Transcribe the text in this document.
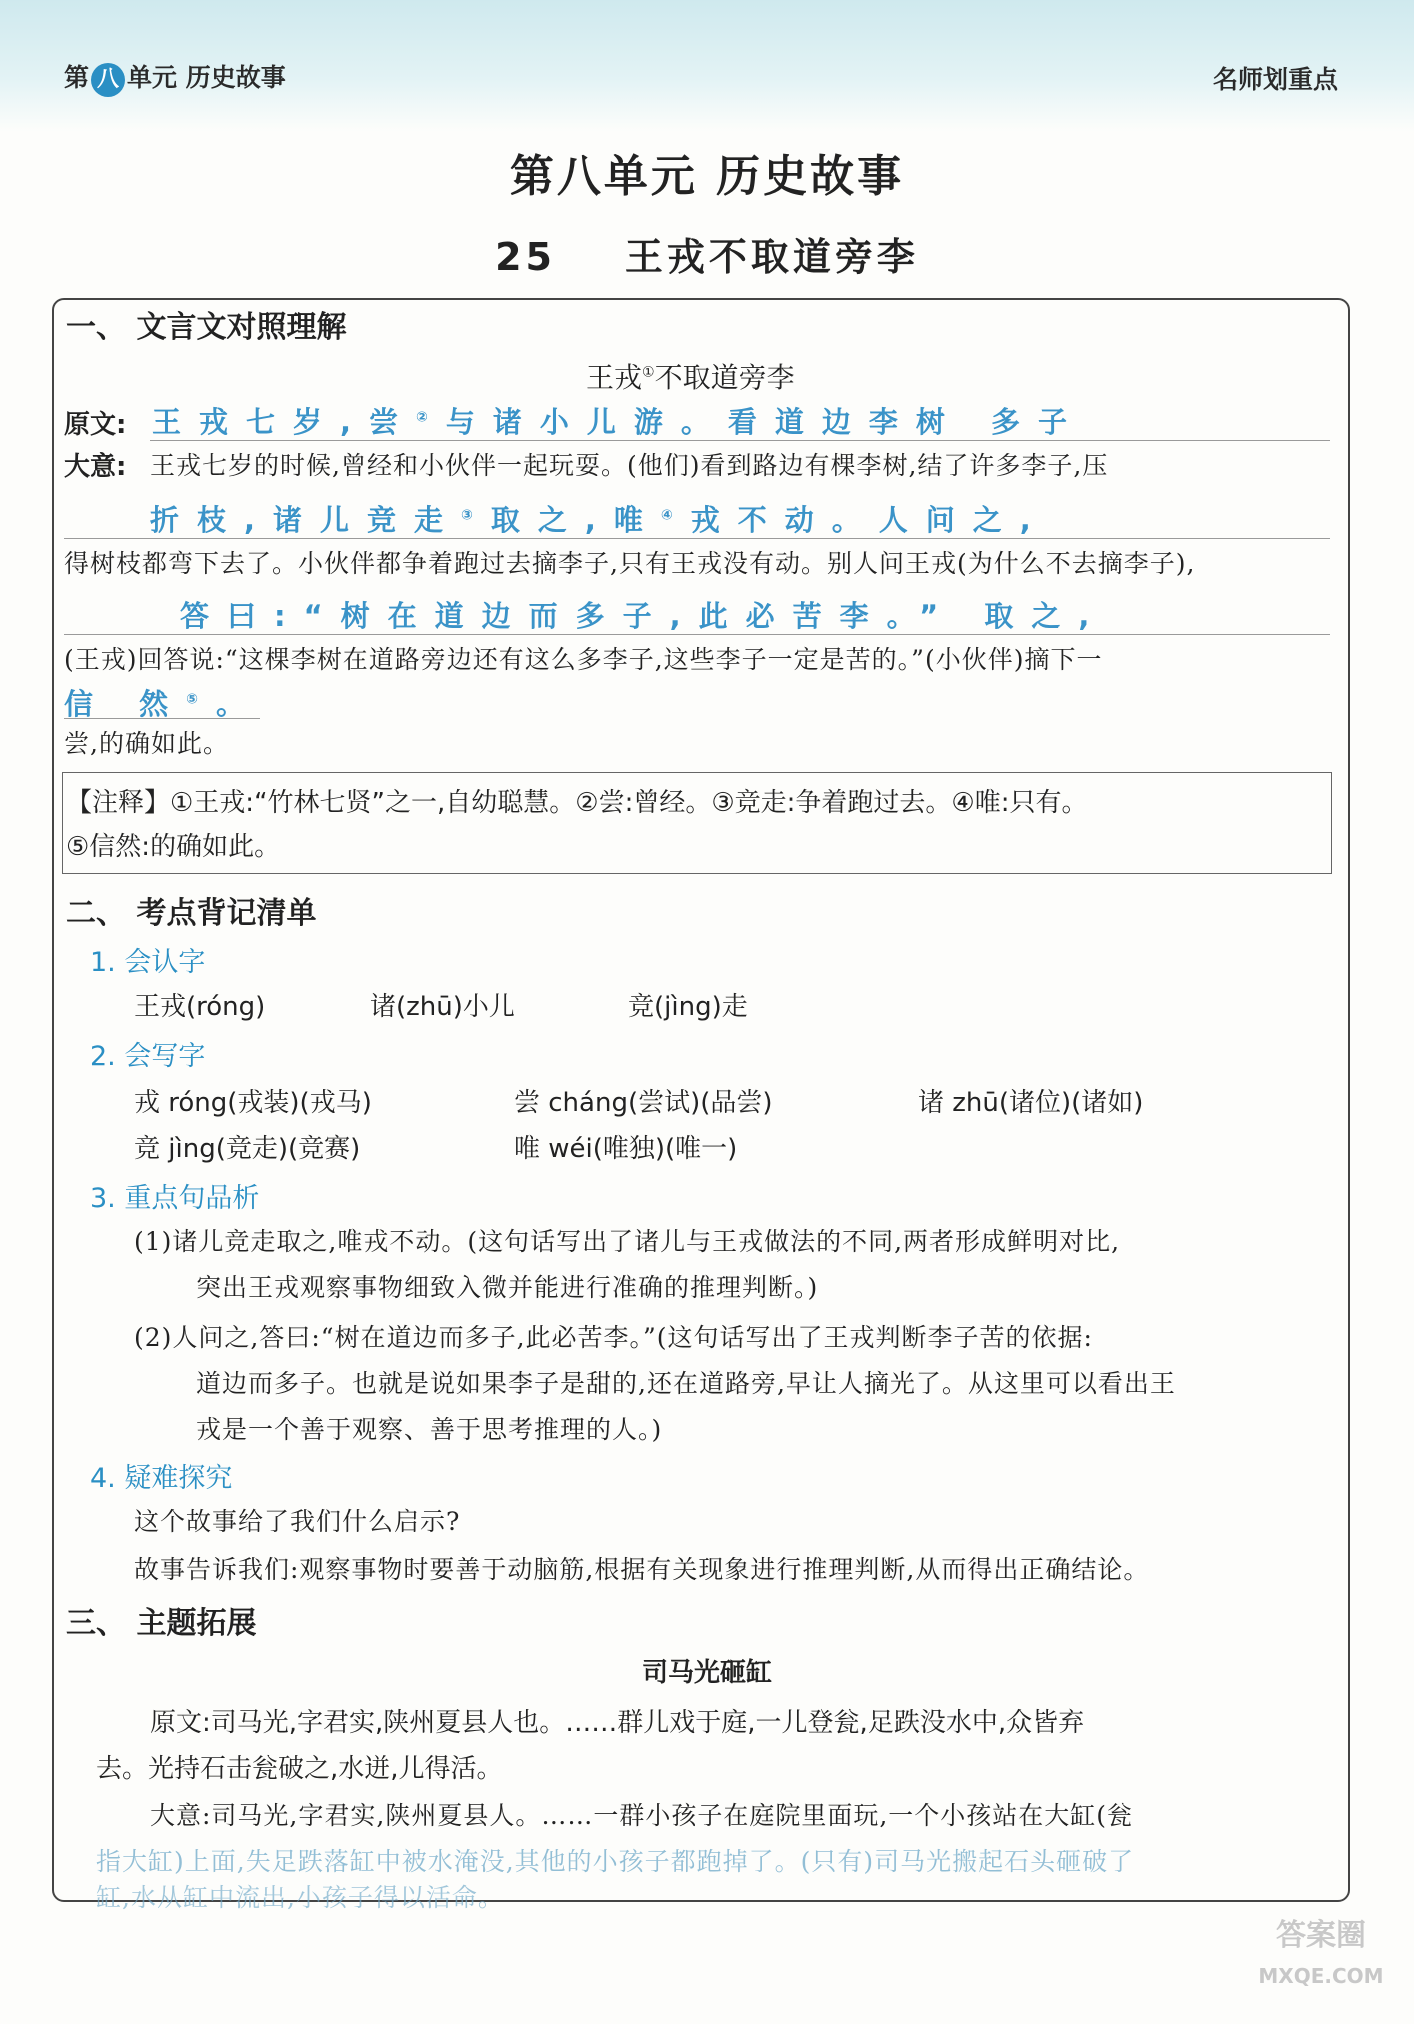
第 八 单元 历史故事	名师划重点
第八单元 历史故事
25 王戎不取道旁李
一、 文言文对照理解
王戎①不取道旁李
原文: 王戎七岁,尝②与诸小儿游。看道边李树 多子
大意: 王戎七岁的时候,曾经和小伙伴一起玩耍。(他们)看到路边有棵李树,结了许多李子,压
折枝,诸儿竞走③取之,唯④戎不动。人问之,
得树枝都弯下去了。小伙伴都争着跑过去摘李子,只有王戎没有动。别人问王戎(为什么不去摘李子),
答曰:“树在道边而多子,此必苦李。” 取之,
(王戎)回答说:“这棵李树在道路旁边还有这么多李子,这些李子一定是苦的。”(小伙伴)摘下一
信 然⑤。
尝,的确如此。
【注释】①王戎:“竹林七贤”之一,自幼聪慧。②尝:曾经。③竞走:争着跑过去。④唯:只有。
⑤信然:的确如此。
二、 考点背记清单
1. 会认字
王戎(róng)	诸(zhū)小儿	竞(jìng)走
2. 会写字
戎 róng(戎装)(戎马)	尝 cháng(尝试)(品尝)	诸 zhū(诸位)(诸如)
竞 jìng(竞走)(竞赛)	唯 wéi(唯独)(唯一)
3. 重点句品析
(1)诸儿竞走取之,唯戎不动。(这句话写出了诸儿与王戎做法的不同,两者形成鲜明对比,
突出王戎观察事物细致入微并能进行准确的推理判断。)
(2)人问之,答曰:“树在道边而多子,此必苦李。”(这句话写出了王戎判断李子苦的依据:
道边而多子。也就是说如果李子是甜的,还在道路旁,早让人摘光了。从这里可以看出王
戎是一个善于观察、善于思考推理的人。)
4. 疑难探究
这个故事给了我们什么启示?
故事告诉我们:观察事物时要善于动脑筋,根据有关现象进行推理判断,从而得出正确结论。
三、 主题拓展
司马光砸缸
原文:司马光,字君实,陕州夏县人也。……群儿戏于庭,一儿登瓮,足跌没水中,众皆弃
去。光持石击瓮破之,水迸,儿得活。
大意:司马光,字君实,陕州夏县人。……一群小孩子在庭院里面玩,一个小孩站在大缸(瓮
指大缸)上面,失足跌落缸中被水淹没,其他的小孩子都跑掉了。(只有)司马光搬起石头砸破了
缸,水从缸中流出,小孩子得以活命。
答案圈
MXQE.COM
